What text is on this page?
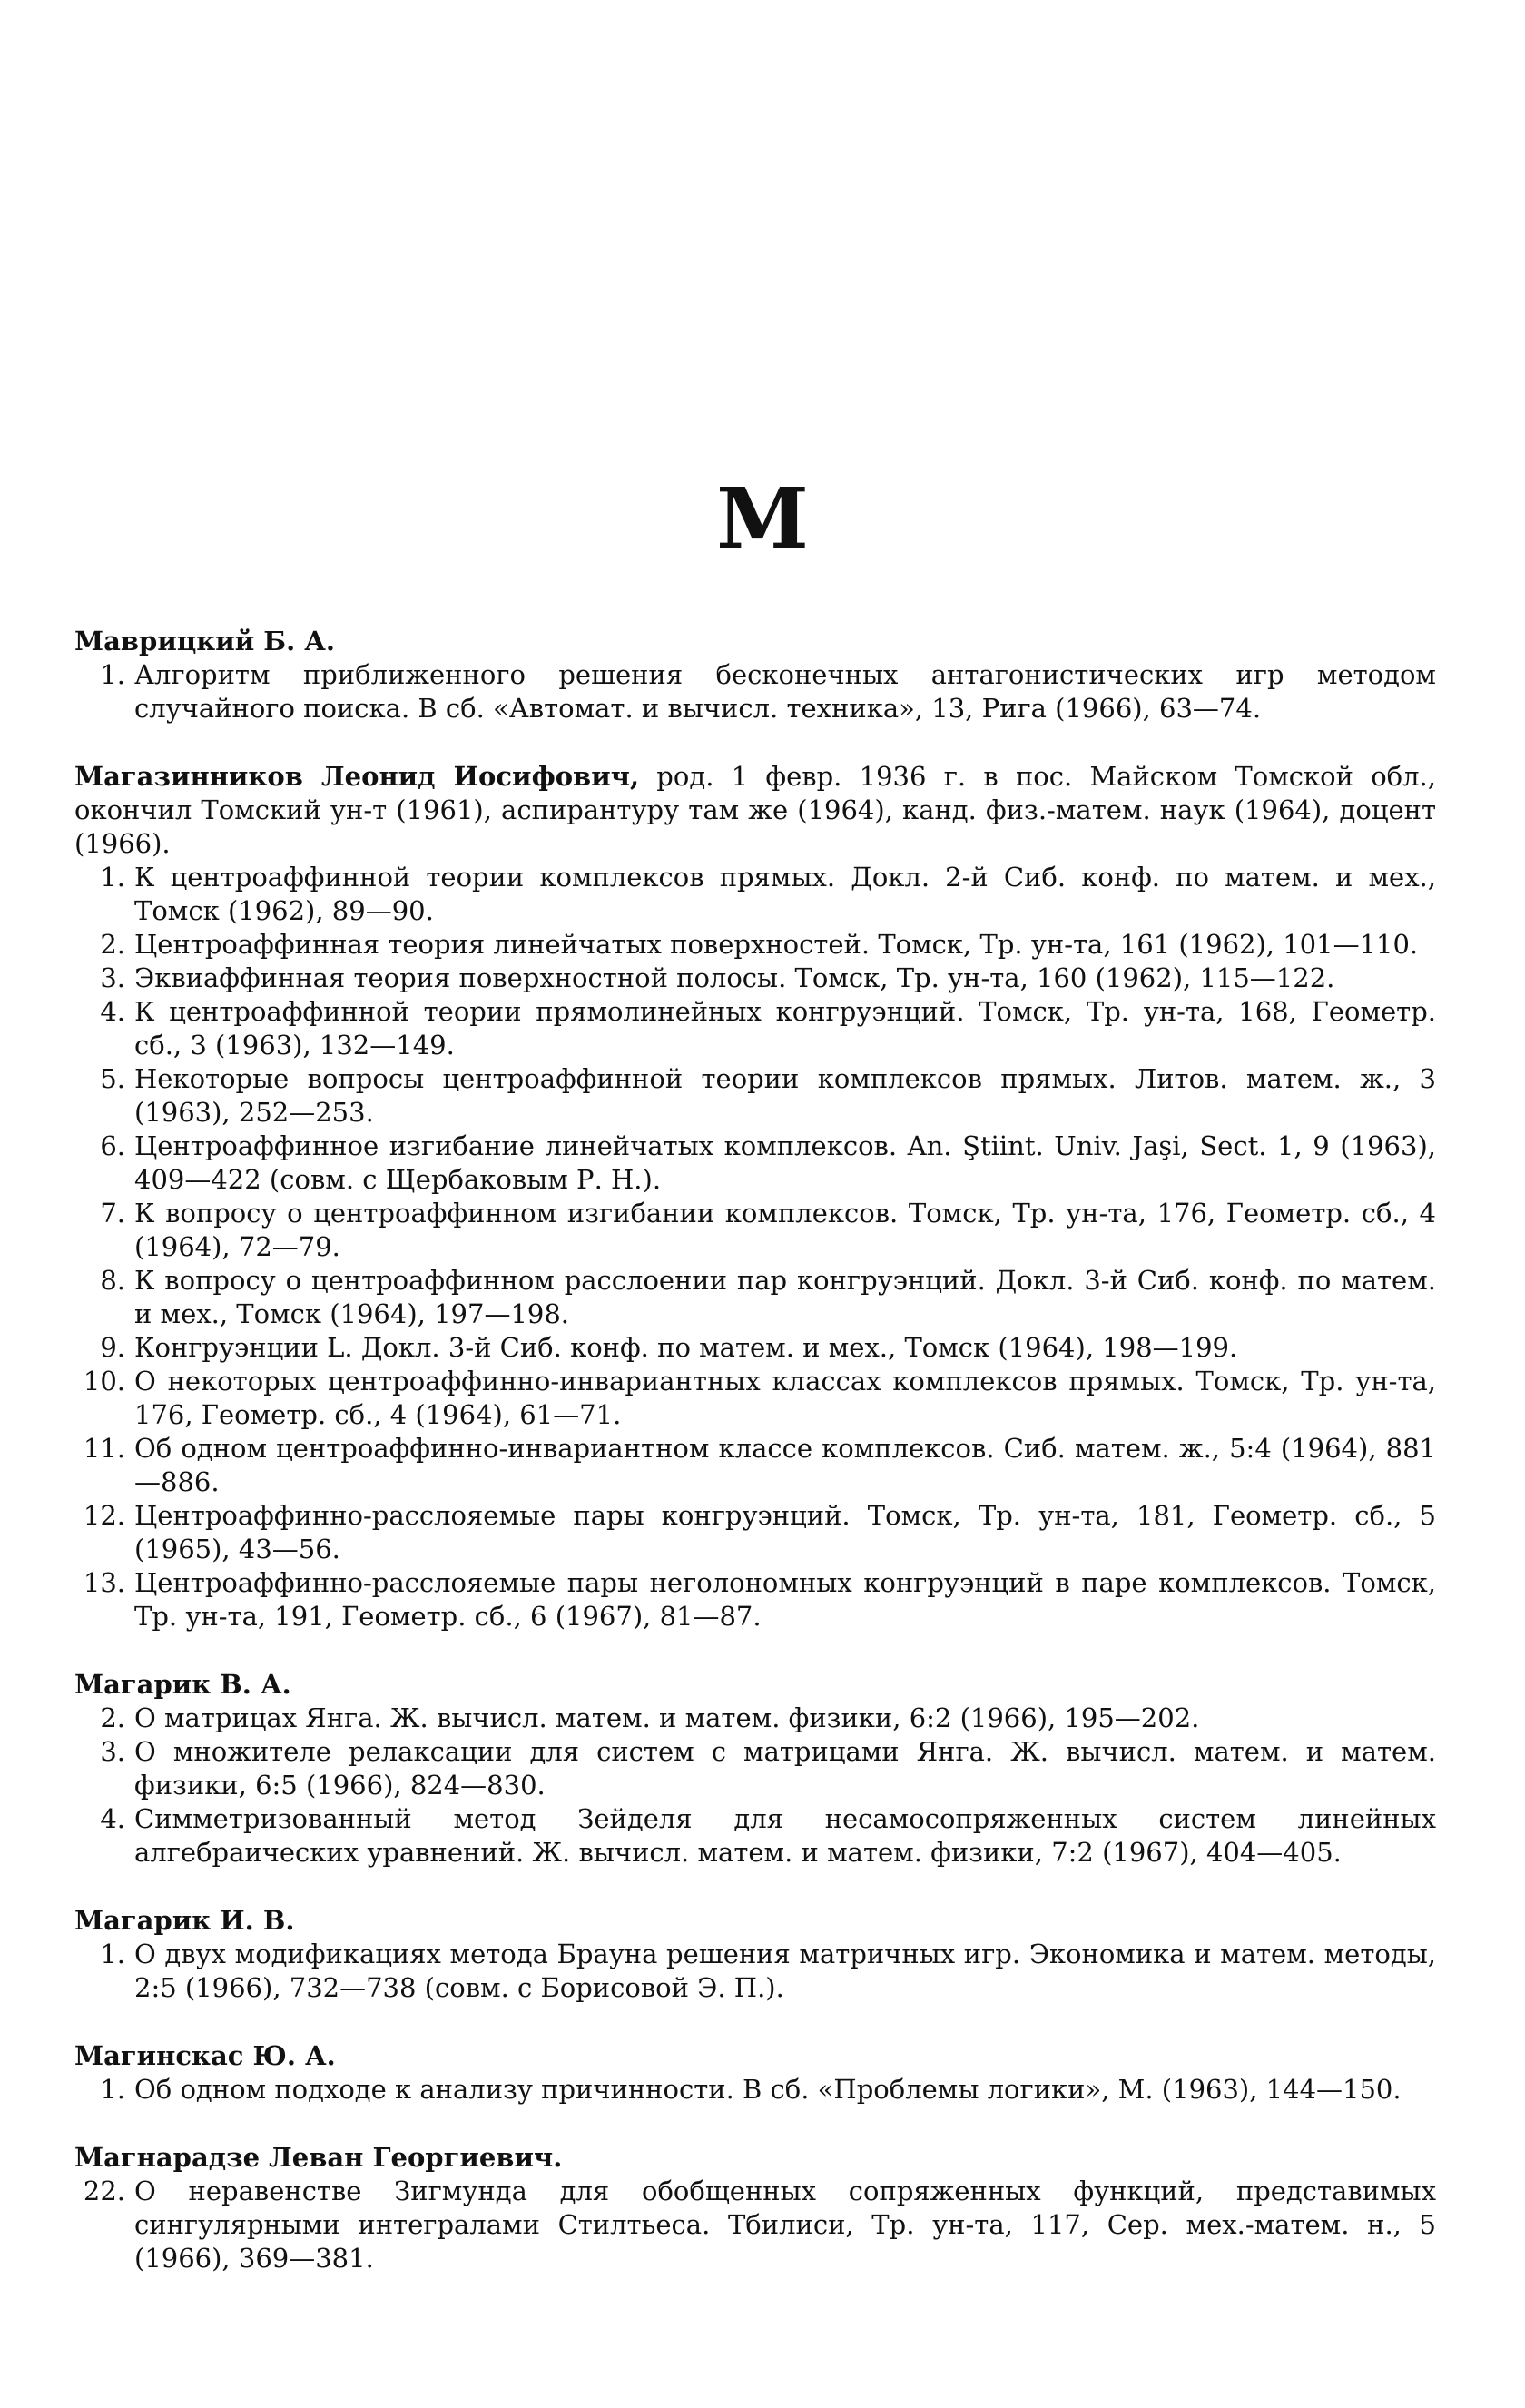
М
Маврицкий Б. А.
1. Алгоритм приближенного решения бесконечных антагонистических игр методом случайного поиска. В сб. «Автомат. и вычисл. техника», 13, Рига (1966), 63—74.
Магазинников Леонид Иосифович, род. 1 февр. 1936 г. в пос. Майском Томской обл., окончил Томский ун-т (1961), аспирантуру там же (1964), канд. физ.-матем. наук (1964), доцент (1966).
1. К центроаффинной теории комплексов прямых. Докл. 2-й Сиб. конф. по матем. и мех., Томск (1962), 89—90.
2. Центроаффинная теория линейчатых поверхностей. Томск, Тр. ун-та, 161 (1962), 101—110.
3. Эквиаффинная теория поверхностной полосы. Томск, Тр. ун-та, 160 (1962), 115—122.
4. К центроаффинной теории прямолинейных конгруэнций. Томск, Тр. ун-та, 168, Геометр. сб., 3 (1963), 132—149.
5. Некоторые вопросы центроаффинной теории комплексов прямых. Литов. матем. ж., 3 (1963), 252—253.
6. Центроаффинное изгибание линейчатых комплексов. An. Ştiint. Univ. Jaşi, Sect. 1, 9 (1963), 409—422 (совм. с Щербаковым Р. Н.).
7. К вопросу о центроаффинном изгибании комплексов. Томск, Тр. ун-та, 176, Геометр. сб., 4 (1964), 72—79.
8. К вопросу о центроаффинном расслоении пар конгруэнций. Докл. 3-й Сиб. конф. по матем. и мех., Томск (1964), 197—198.
9. Конгруэнции L. Докл. 3-й Сиб. конф. по матем. и мех., Томск (1964), 198—199.
10. О некоторых центроаффинно-инвариантных классах комплексов прямых. Томск, Тр. ун-та, 176, Геометр. сб., 4 (1964), 61—71.
11. Об одном центроаффинно-инвариантном классе комплексов. Сиб. матем. ж., 5:4 (1964), 881—886.
12. Центроаффинно-расслояемые пары конгруэнций. Томск, Тр. ун-та, 181, Геометр. сб., 5 (1965), 43—56.
13. Центроаффинно-расслояемые пары неголономных конгруэнций в паре комплексов. Томск, Тр. ун-та, 191, Геометр. сб., 6 (1967), 81—87.
Магарик В. А.
2. О матрицах Янга. Ж. вычисл. матем. и матем. физики, 6:2 (1966), 195—202.
3. О множителе релаксации для систем с матрицами Янга. Ж. вычисл. матем. и матем. физики, 6:5 (1966), 824—830.
4. Симметризованный метод Зейделя для несамосопряженных систем линейных алгебраических уравнений. Ж. вычисл. матем. и матем. физики, 7:2 (1967), 404—405.
Магарик И. В.
1. О двух модификациях метода Брауна решения матричных игр. Экономика и матем. методы, 2:5 (1966), 732—738 (совм. с Борисовой Э. П.).
Магинскас Ю. А.
1. Об одном подходе к анализу причинности. В сб. «Проблемы логики», М. (1963), 144—150.
Магнарадзе Леван Георгиевич.
22. О неравенстве Зигмунда для обобщенных сопряженных функций, представимых сингулярными интегралами Стилтьеса. Тбилиси, Тр. ун-та, 117, Сер. мех.-матем. н., 5 (1966), 369—381.
